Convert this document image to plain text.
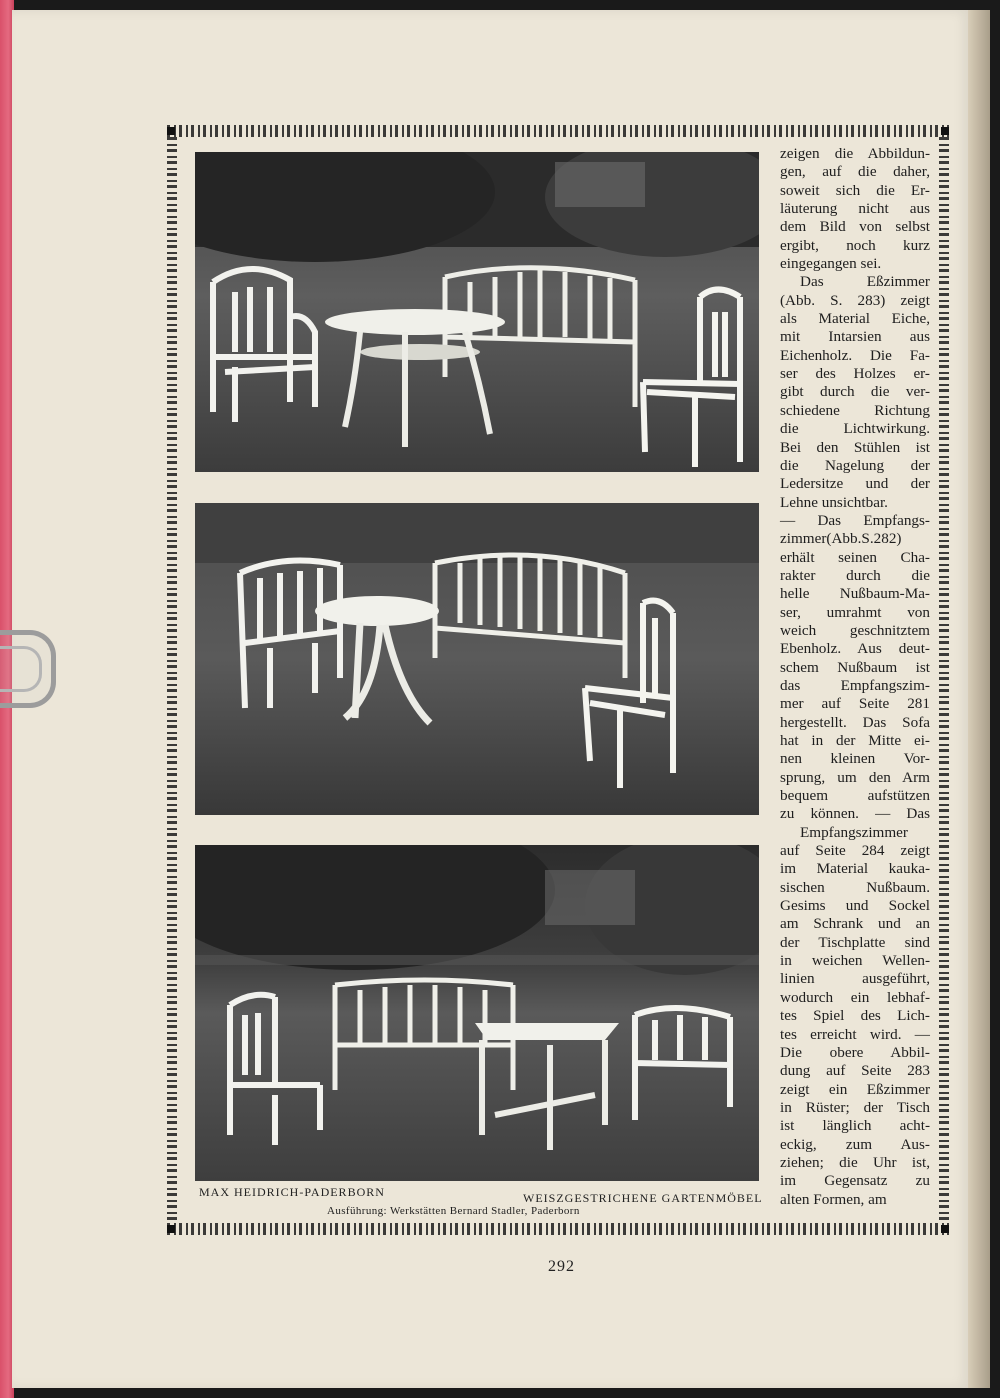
MAX HEIDRICH-PADERBORN	WEISZGESTRICHENE GARTENMÖBEL
Ausführung: Werkstätten Bernard Stadler, Paderborn
zeigen die Abbildun-
gen, auf die daher,
soweit sich die Er-
läuterung nicht aus
dem Bild von selbst
ergibt, noch kurz
eingegangen sei.
Das Eßzimmer
(Abb. S. 283) zeigt
als Material Eiche,
mit Intarsien aus
Eichenholz. Die Fa-
ser des Holzes er-
gibt durch die ver-
schiedene Richtung
die Lichtwirkung.
Bei den Stühlen ist
die Nagelung der
Ledersitze und der
Lehne unsichtbar.
— Das Empfangs-
zimmer(Abb.S.282)
erhält seinen Cha-
rakter durch die
helle Nußbaum-Ma-
ser, umrahmt von
weich geschnitztem
Ebenholz. Aus deut-
schem Nußbaum ist
das Empfangszim-
mer auf Seite 281
hergestellt. Das Sofa
hat in der Mitte ei-
nen kleinen Vor-
sprung, um den Arm
bequem aufstützen
zu können. — Das
Empfangszimmer
auf Seite 284 zeigt
im Material kauka-
sischen Nußbaum.
Gesims und Sockel
am Schrank und an
der Tischplatte sind
in weichen Wellen-
linien ausgeführt,
wodurch ein lebhaf-
tes Spiel des Lich-
tes erreicht wird. —
Die obere Abbil-
dung auf Seite 283
zeigt ein Eßzimmer
in Rüster; der Tisch
ist länglich acht-
eckig, zum Aus-
ziehen; die Uhr ist,
im Gegensatz zu
alten Formen, am
292
